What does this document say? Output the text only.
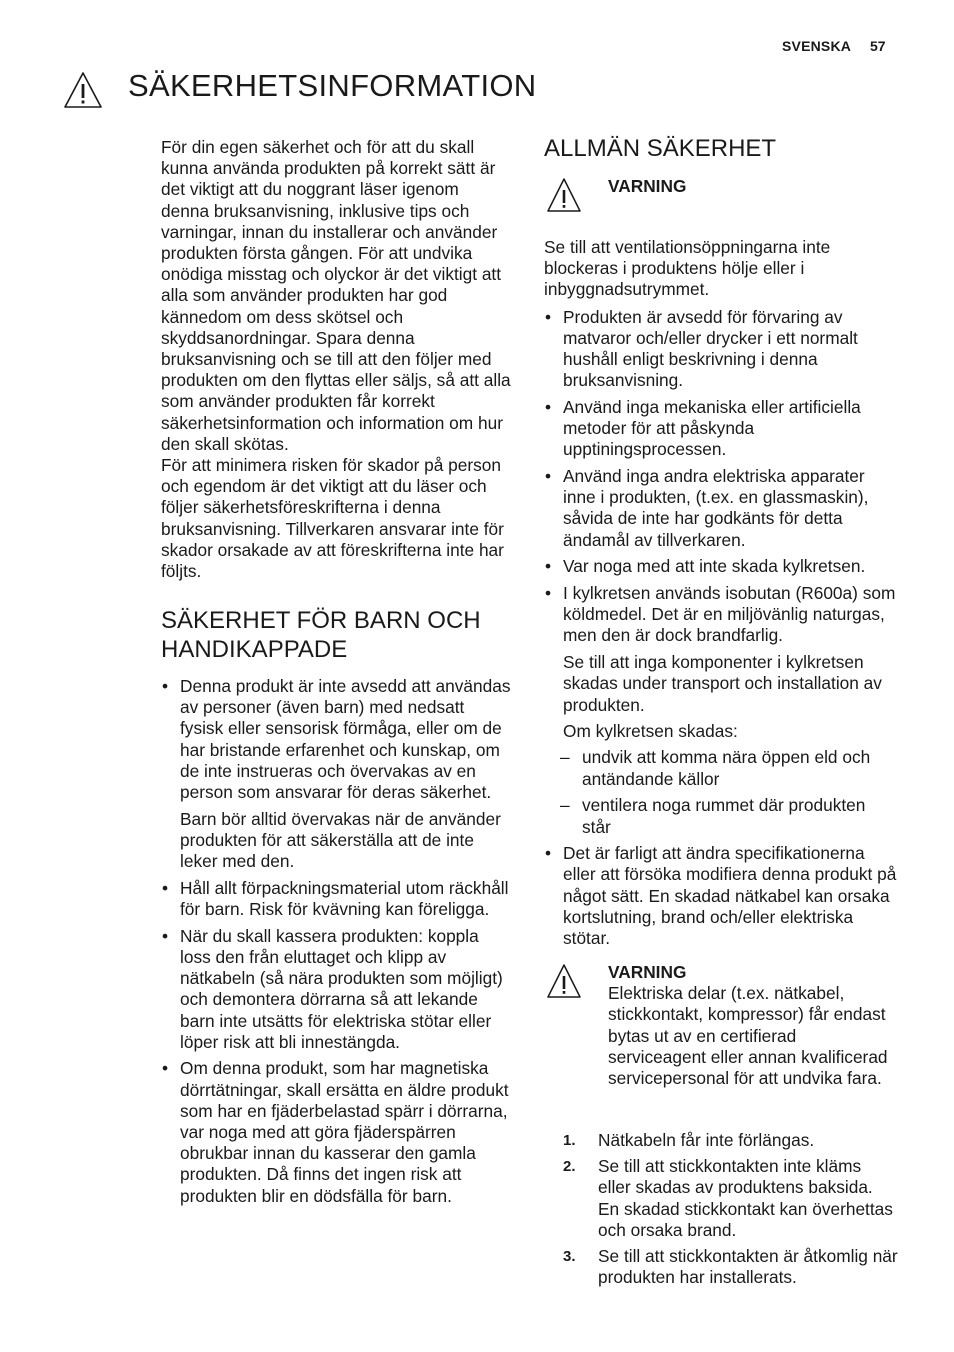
SVENSKA 57
SÄKERHETSINFORMATION

För din egen säkerhet och för att du skall kunna använda produkten på korrekt sätt är det viktigt att du noggrant läser igenom denna bruksanvisning, inklusive tips och varningar, innan du installerar och använder produkten första gången. För att undvika onödiga misstag och olyckor är det viktigt att alla som använder produkten har god kännedom om dess skötsel och skyddsanordningar. Spara denna bruksanvisning och se till att den följer med produkten om den flyttas eller säljs, så att alla som använder produkten får korrekt säkerhetsinformation och information om hur den skall skötas.

För att minimera risken för skador på person och egendom är det viktigt att du läser och följer säkerhetsföreskrifterna i denna bruksanvisning. Tillverkaren ansvarar inte för skador orsakade av att föreskrifterna inte har följts.

SÄKERHET FÖR BARN OCH HANDIKAPPADE
• Denna produkt är inte avsedd att användas av personer (även barn) med nedsatt fysisk eller sensorisk förmåga, eller om de har bristande erfarenhet och kunskap, om de inte instrueras och övervakas av en person som ansvarar för deras säkerhet.
Barn bör alltid övervakas när de använder produkten för att säkerställa att de inte leker med den.
• Håll allt förpackningsmaterial utom räckhåll för barn. Risk för kvävning kan föreligga.
• När du skall kassera produkten: koppla loss den från eluttaget och klipp av nätkabeln (så nära produkten som möjligt) och demontera dörrarna så att lekande barn inte utsätts för elektriska stötar eller löper risk att bli innestängda.
• Om denna produkt, som har magnetiska dörrtätningar, skall ersätta en äldre produkt som har en fjäderbelastad spärr i dörrarna, var noga med att göra fjäderspärren obrukbar innan du kasserar den gamla produkten. Då finns det ingen risk att produkten blir en dödsfälla för barn.
ALLMÄN SÄKERHET
VARNING

Se till att ventilationsöppningarna inte blockeras i produktens hölje eller i inbyggnadsutrymmet.

• Produkten är avsedd för förvaring av matvaror och/eller drycker i ett normalt hushåll enligt beskrivning i denna bruksanvisning.
• Använd inga mekaniska eller artificiella metoder för att påskynda upptiningsprocessen.
• Använd inga andra elektriska apparater inne i produkten, (t.ex. en glassmaskin), såvida de inte har godkänts för detta ändamål av tillverkaren.
• Var noga med att inte skada kylkretsen.
• I kylkretsen används isobutan (R600a) som köldmedel. Det är en miljövänlig naturgas, men den är dock brandfarlig.
Se till att inga komponenter i kylkretsen skadas under transport och installation av produkten.
Om kylkretsen skadas:
– undvik att komma nära öppen eld och antändande källor
– ventilera noga rummet där produkten står
• Det är farligt att ändra specifikationerna eller att försöka modifiera denna produkt på något sätt. En skadad nätkabel kan orsaka kortslutning, brand och/eller elektriska stötar.
VARNING

Elektriska delar (t.ex. nätkabel, stickkontakt, kompressor) får endast bytas ut av en certifierad serviceagent eller annan kvalificerad servicepersonal för att undvika fara.

1. Nätkabeln får inte förlängas.
2. Se till att stickkontakten inte kläms eller skadas av produktens baksida. En skadad stickkontakt kan överhettas och orsaka brand.
3. Se till att stickkontakten är åtkomlig när produkten har installerats.
